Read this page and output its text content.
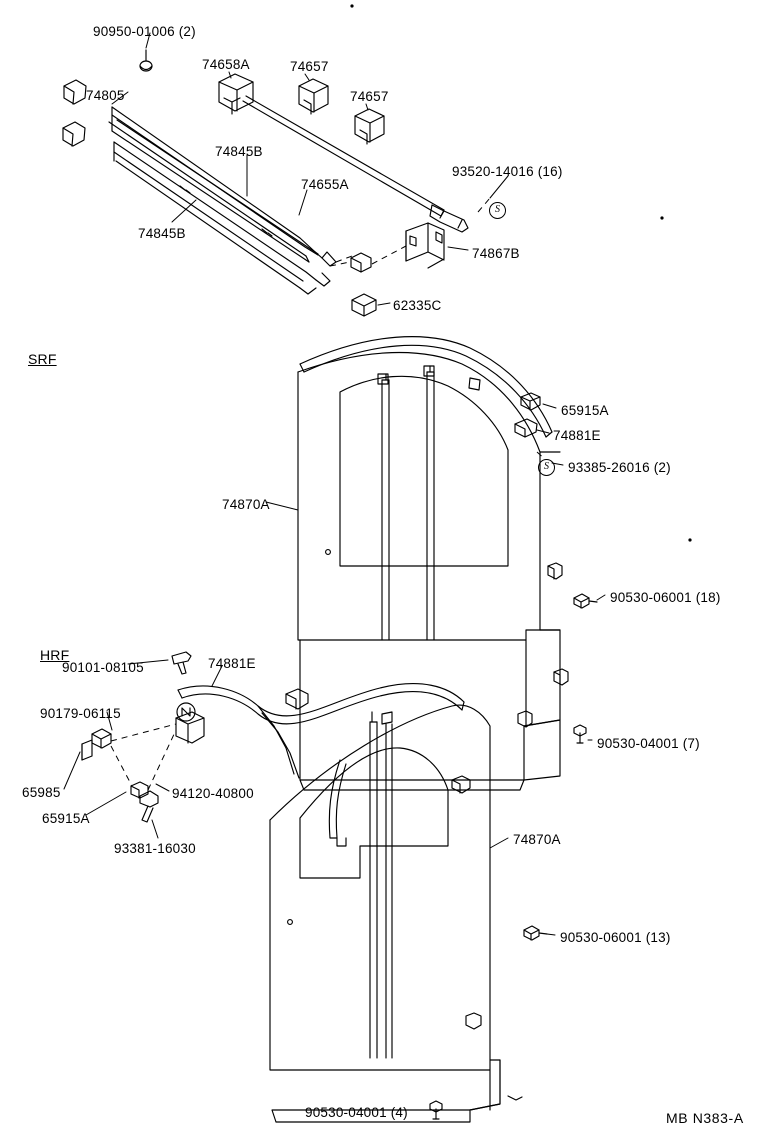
SRF
HRF
90950-01006 (2)
74805
74658A	74657
74657
74845B
74655A
93520-14016 (16)
74845B
74867B
62335C
65915A
74881E
93385-26016 (2)
74870A
90530-06001 (18)
90101-08105	74881E
90179-06115
65985	94120-40800
65915A
93381-16030
90530-04001 (7)
74870A
90530-06001 (13)
90530-04001 (4)
S
S
MB N383-A
